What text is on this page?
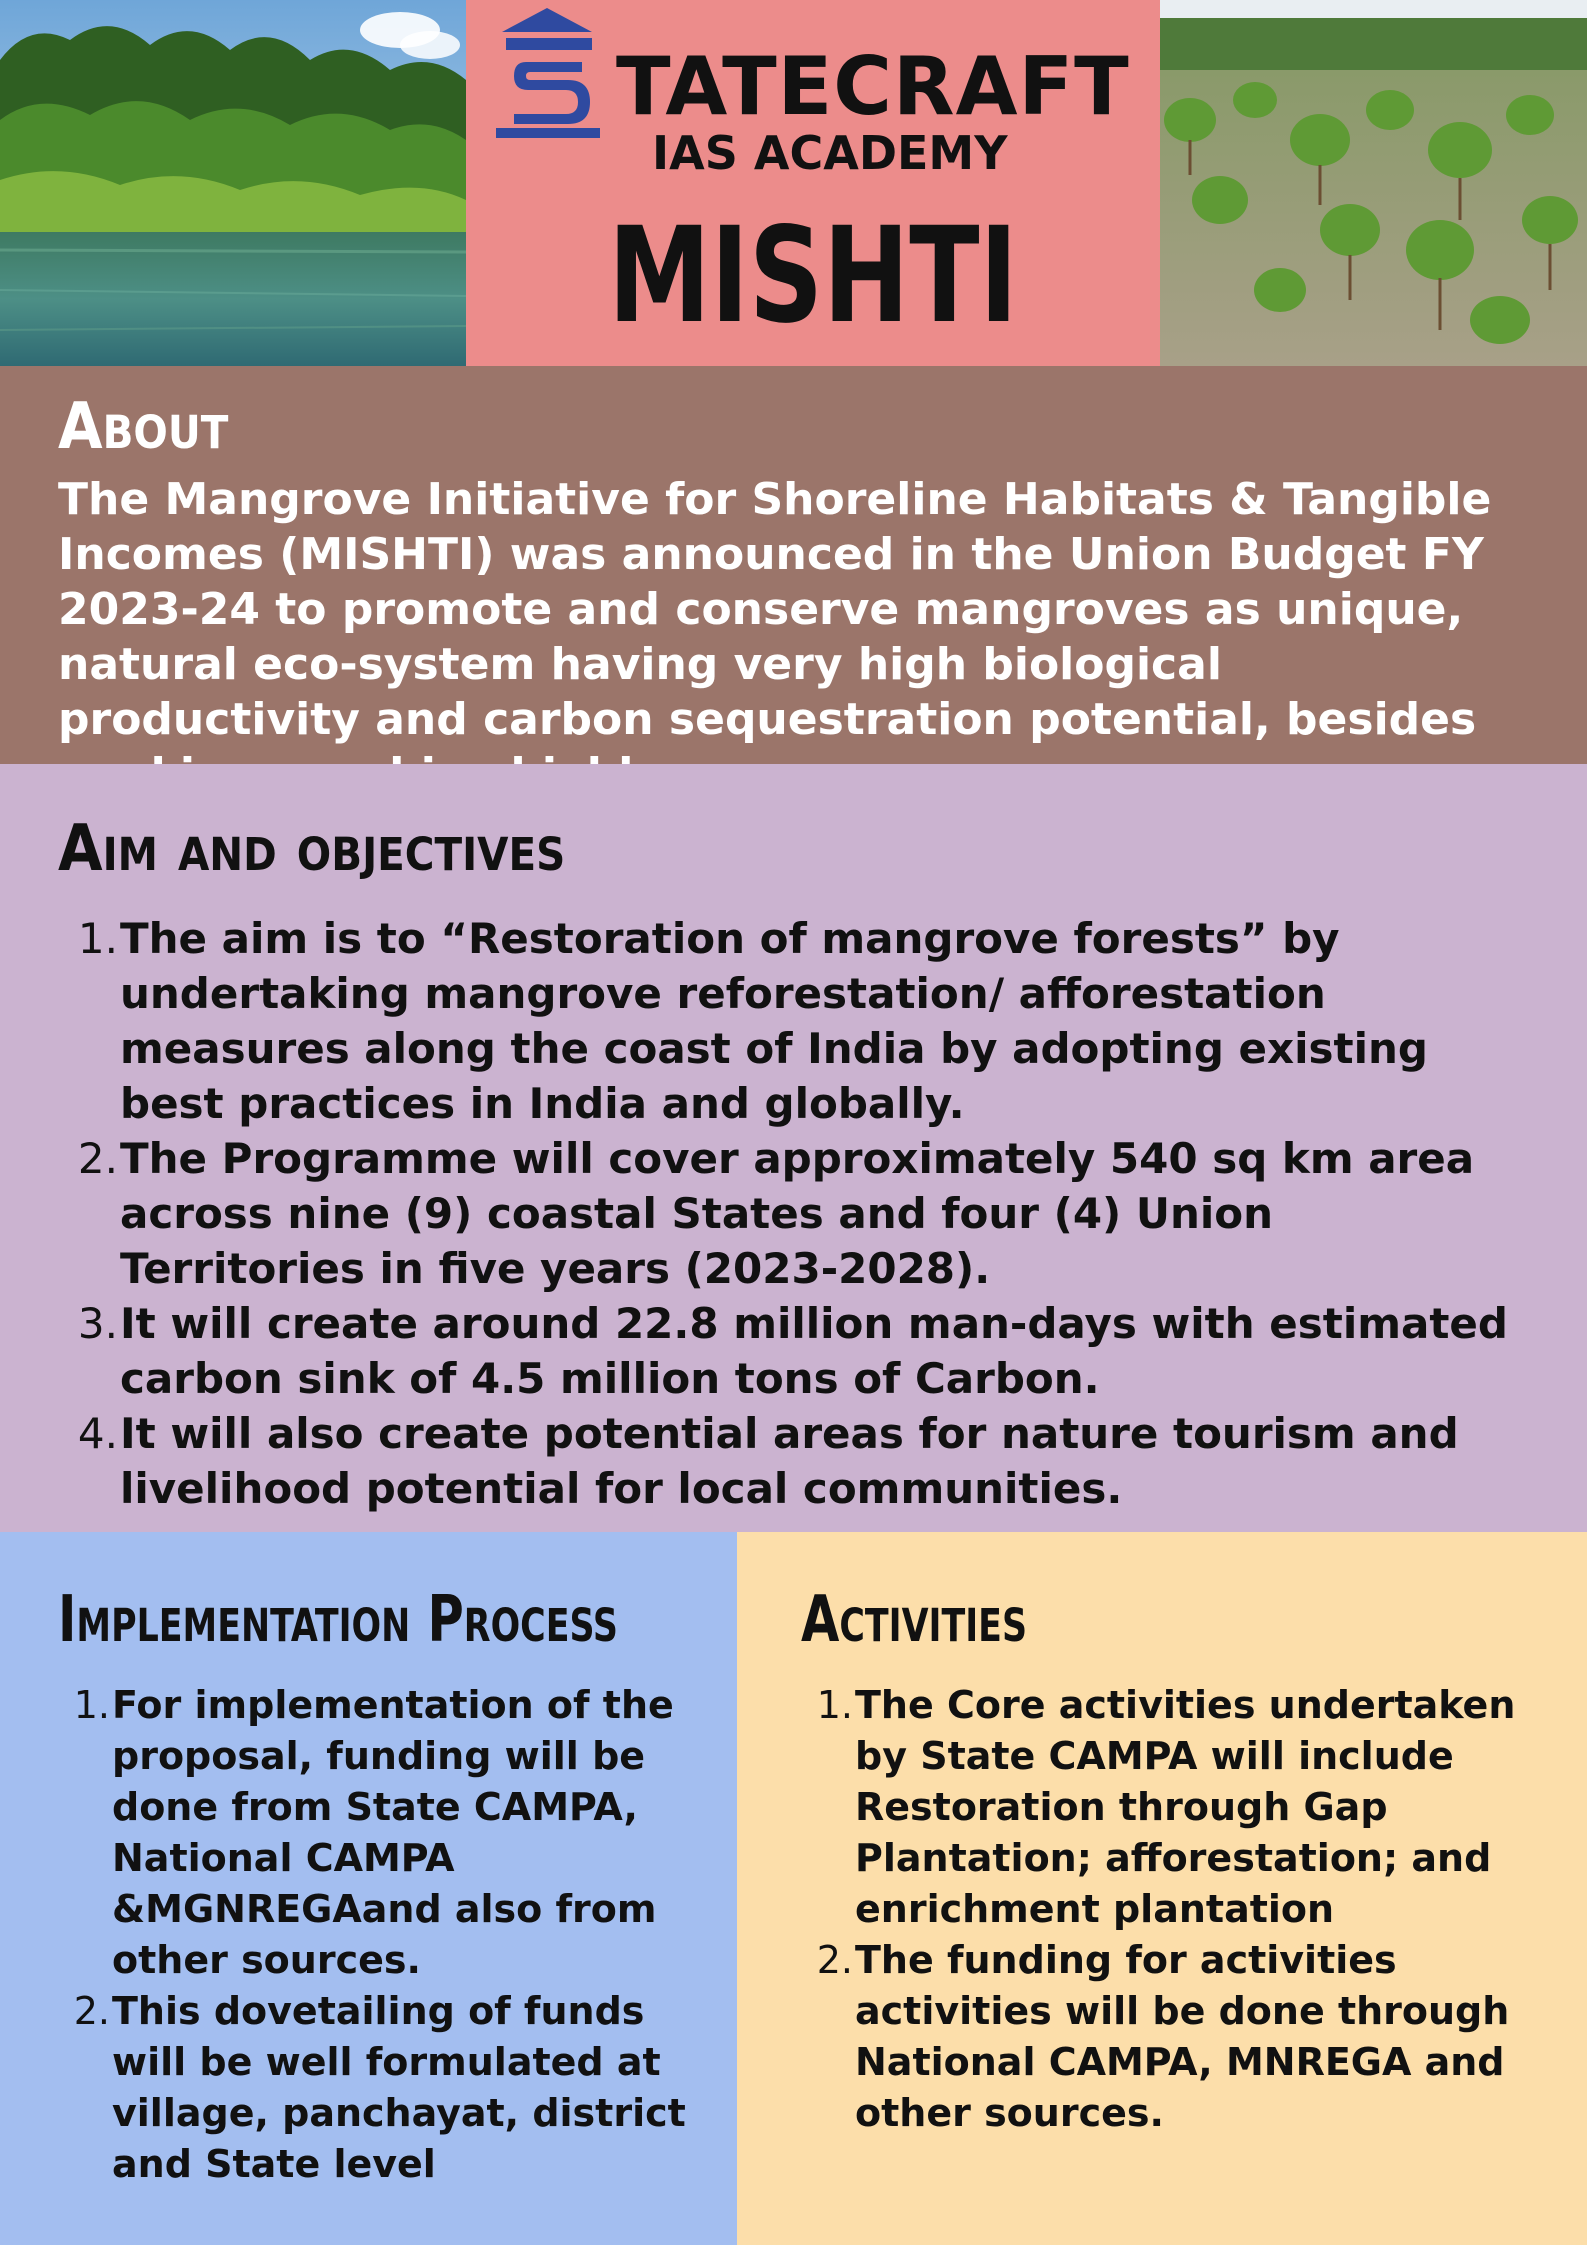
TATECRAFT
IAS ACADEMY
MISHTI
About

The Mangrove Initiative for Shoreline Habitats & Tangible Incomes (MISHTI) was announced in the Union Budget FY 2023-24 to promote and conserve mangroves as unique, natural eco-system having very high biological productivity and carbon sequestration potential, besides

Aim and objectives
1. The aim is to “Restoration of mangrove forests” by undertaking mangrove reforestation/ afforestation measures along the coast of India by adopting existing best practices in India and globally.
2. The Programme will cover approximately 540 sq km area across nine (9) coastal States and four (4) Union Territories in five years (2023-2028).
3. It will create around 22.8 million man-days with estimated carbon sink of 4.5 million tons of Carbon.
4. It will also create potential areas for nature tourism and livelihood potential for local communities.
Implementation Process
1. For implementation of the proposal, funding will be done from State CAMPA, National CAMPA &MGNREGAand also from other sources.
2. This dovetailing of funds will be well formulated at village, panchayat, district and State level
Activities
1. The Core activities undertaken by State CAMPA will include Restoration through Gap Plantation; afforestation; and enrichment plantation
2. The funding for activities activities will be done through National CAMPA, MNREGA and other sources.
